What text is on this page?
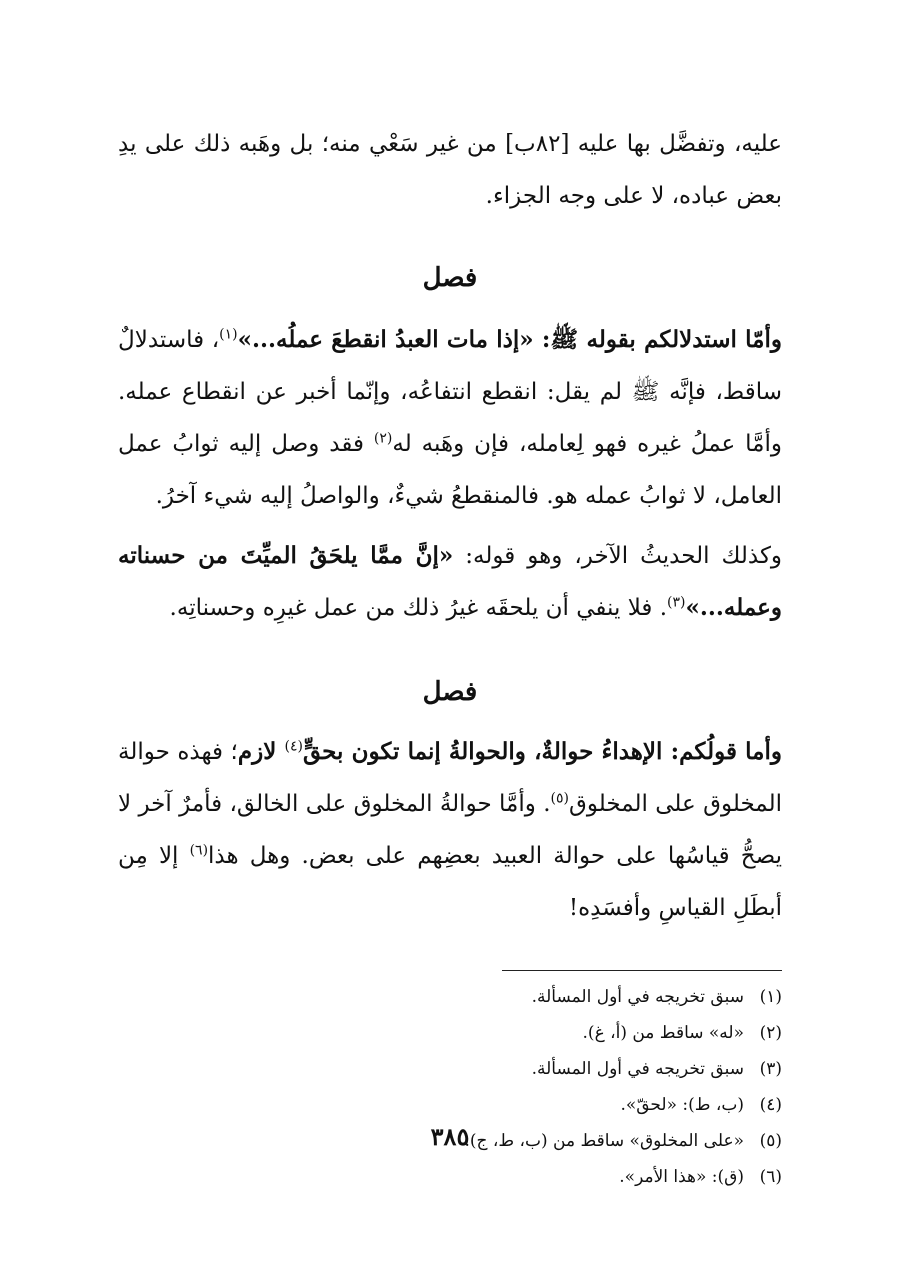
عليه، وتفضَّل بها عليه [٨٢ب] من غير سَعْي منه؛ بل وهَبه ذلك على يدِ بعض عباده، لا على وجه الجزاء.

فصل

وأمّا استدلالكم بقوله ﷺ: «إذا مات العبدُ انقطعَ عملُه...»$^{(١)}$، فاستدلالٌ ساقط، فإنَّه ﷺ لم يقل: انقطع انتفاعُه، وإنّما أخبر عن انقطاع عمله. وأمَّا عملُ غيره فهو لِعامله، فإن وهَبه له$^{(٢)}$ فقد وصل إليه ثوابُ عمل العامل، لا ثوابُ عمله هو. فالمنقطعُ شيءٌ، والواصلُ إليه شيء آخرُ.

وكذلك الحديثُ الآخر، وهو قوله: «إنَّ ممَّا يلحَقُ الميِّتَ من حسناته وعمله...»$^{(٣)}$. فلا ينفي أن يلحقَه غيرُ ذلك من عمل غيرِه وحسناتِه.

فصل

وأما قولُكم: الإهداءُ حوالةٌ، والحوالةُ إنما تكون بحقٍّ$^{(٤)}$ لازم؛ فهذه حوالة المخلوق على المخلوق$^{(٥)}$. وأمَّا حوالةُ المخلوق على الخالق، فأمرٌ آخر لا يصحُّ قياسُها على حوالة العبيد بعضِهم على بعض. وهل هذا$^{(٦)}$ إلا مِن أبطَلِ القياسِ وأفسَدِه!

(١)
سبق تخريجه في أول المسألة.
(٢)
«له» ساقط من (أ، غ).
(٣)
سبق تخريجه في أول المسألة.
(٤)
(ب، ط): «لحقّ».
(٥)
«على المخلوق» ساقط من (ب، ط، ج).
(٦)
(ق): «هذا الأمر».
٣٨٥
